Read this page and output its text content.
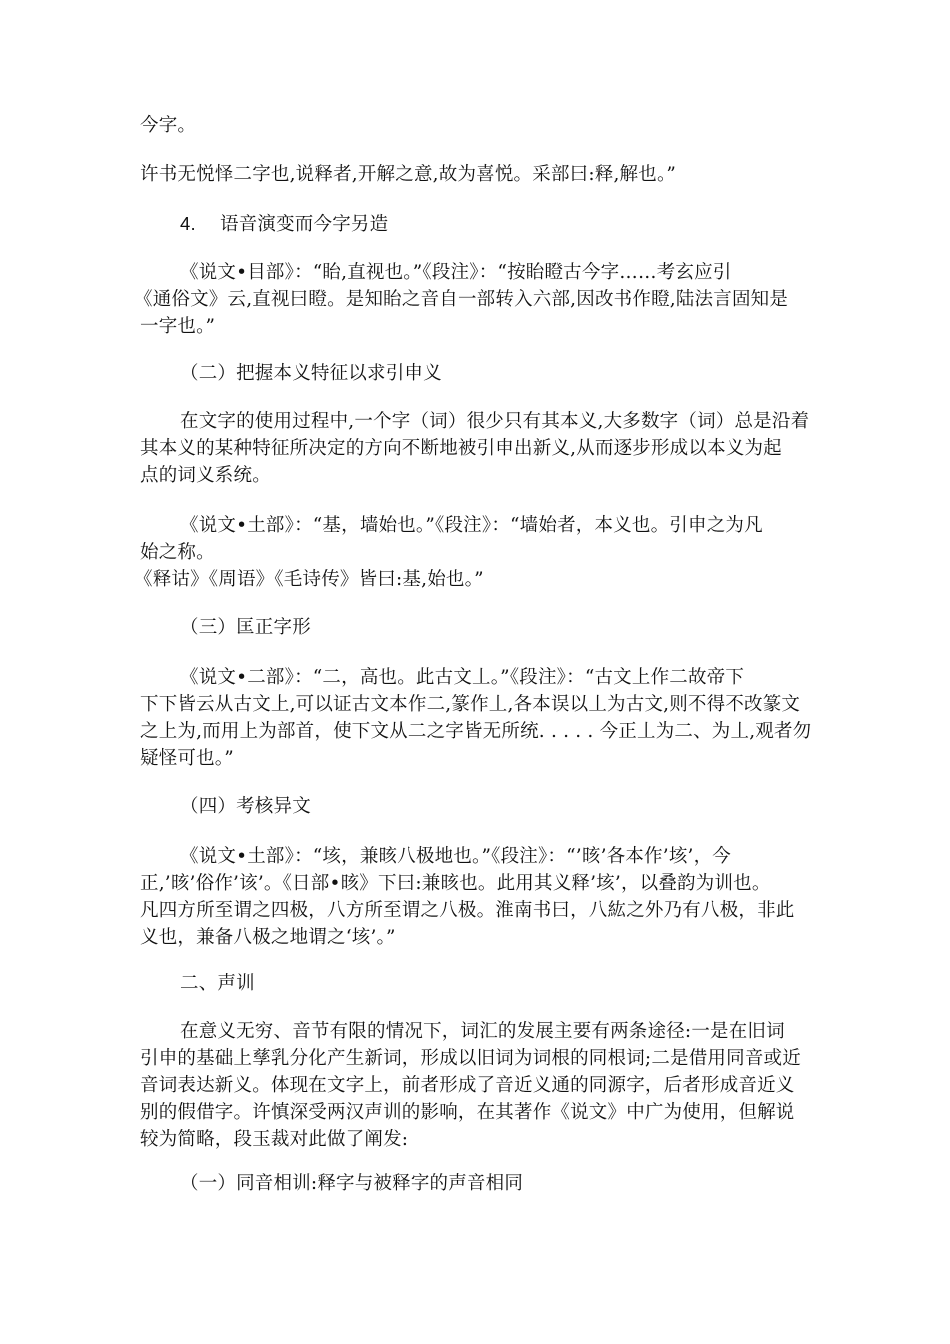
今字。
许书无悦怿二字也,说释者,开解之意,故为喜悦。采部曰:释,解也。”
4. 语音演变而今字另造
《说文•目部》：“眙,直视也。”《段注》：“按眙瞪古今字……考玄应引
《通俗文》云,直视曰瞪。是知眙之音自一部转入六部,因改书作瞪,陆法言固知是
一字也。”
（二）把握本义特征以求引申义
在文字的使用过程中,一个字（词）很少只有其本义,大多数字（词）总是沿着
其本义的某种特征所决定的方向不断地被引申出新义,从而逐步形成以本义为起
点的词义系统。
《说文•土部》：“基，墙始也。”《段注》：“墙始者，本义也。引申之为凡
始之称。
《释诂》《周语》《毛诗传》皆曰:基,始也。”
（三）匡正字形
《说文•二部》：“二，高也。此古文丄。”《段注》：“古文上作二故帝下
下下皆云从古文上,可以证古文本作二,篆作丄,各本误以丄为古文,则不得不改篆文
之上为,而用上为部首，使下文从二之字皆无所统. . . . . 今正丄为二、为丄,观者勿
疑怪可也。”
（四）考核异文
《说文•土部》：“垓，兼晐八极地也。”《段注》：“’晐’各本作’垓’，今
正,’晐’俗作’该’。《日部•晐》下曰:兼晐也。此用其义释’垓’，以叠韵为训也。
凡四方所至谓之四极，八方所至谓之八极。淮南书曰，八紘之外乃有八极，非此
义也，兼备八极之地谓之‘垓’。”
二、声训
在意义无穷、音节有限的情况下，词汇的发展主要有两条途径:一是在旧词
引申的基础上孳乳分化产生新词，形成以旧词为词根的同根词;二是借用同音或近
音词表达新义。体现在文字上，前者形成了音近义通的同源字，后者形成音近义
别的假借字。许慎深受两汉声训的影响，在其著作《说文》中广为使用，但解说
较为简略，段玉裁对此做了阐发:
（一）同音相训:释字与被释字的声音相同
